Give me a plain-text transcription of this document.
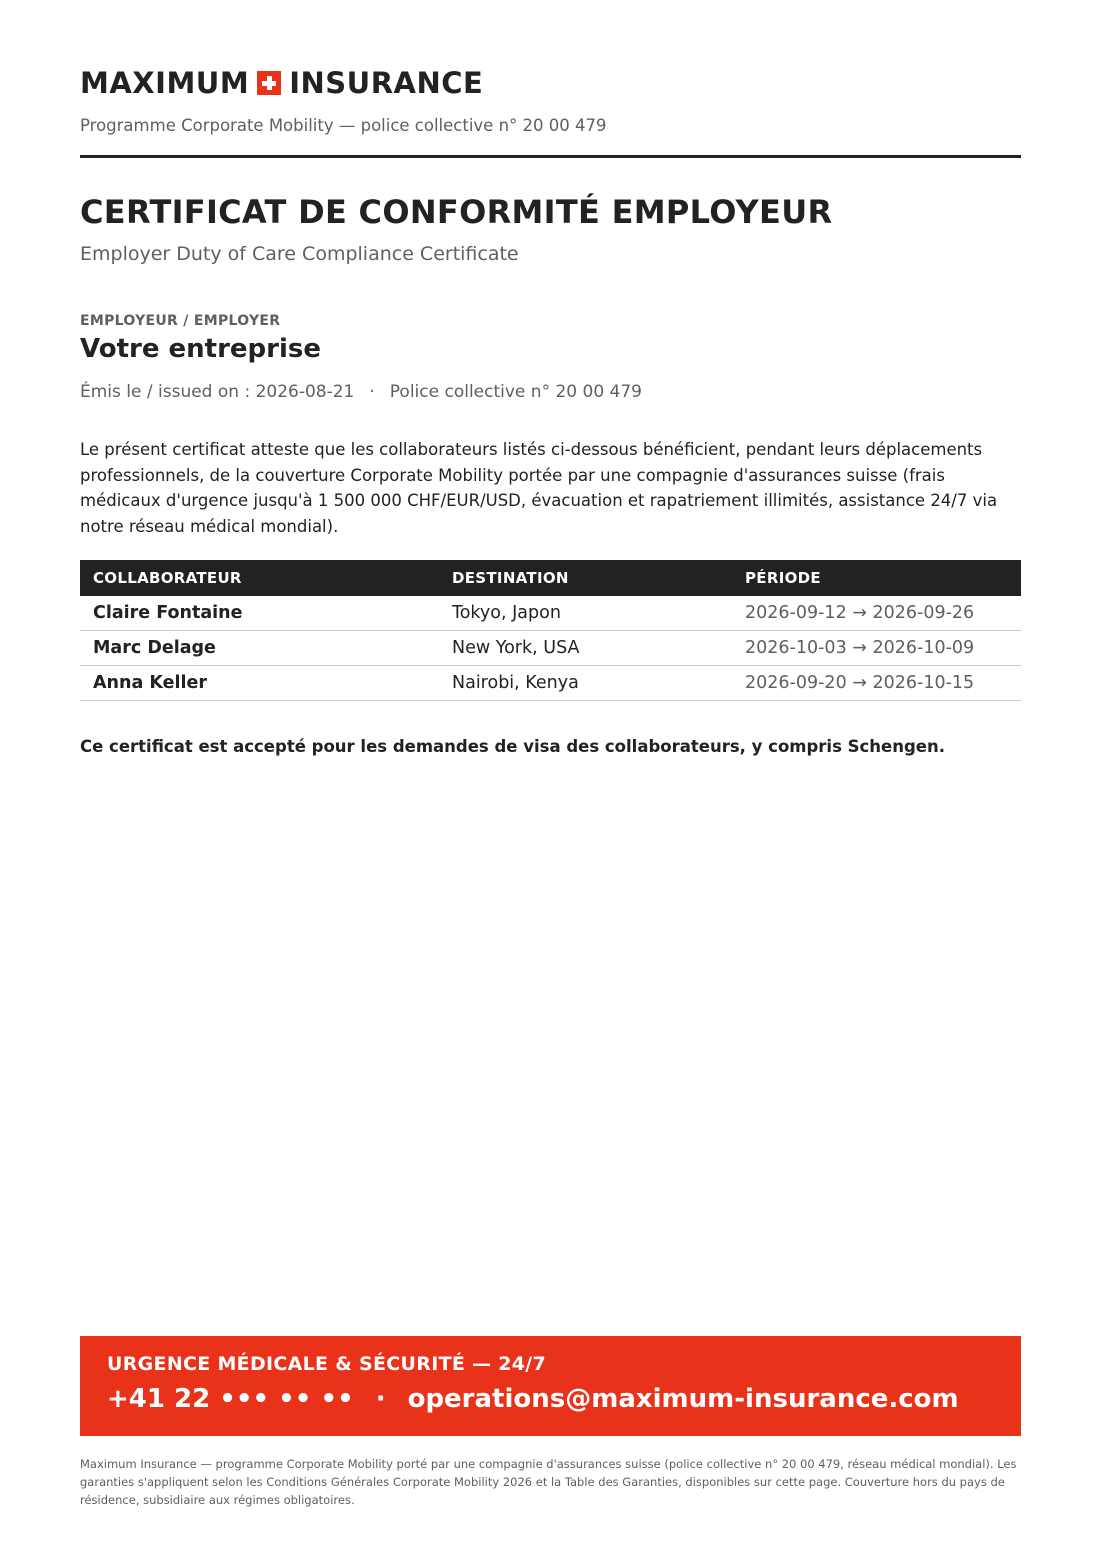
MAXIMUM INSURANCE
Programme Corporate Mobility — police collective n° 20 00 479
CERTIFICAT DE CONFORMITÉ EMPLOYEUR
Employer Duty of Care Compliance Certificate
EMPLOYEUR / EMPLOYER
Votre entreprise
Émis le / issued on : 2026-08-21 · Police collective n° 20 00 479
Le présent certificat atteste que les collaborateurs listés ci-dessous bénéficient, pendant leurs déplacements professionnels, de la couverture Corporate Mobility portée par une compagnie d'assurances suisse (frais médicaux d'urgence jusqu'à 1 500 000 CHF/EUR/USD, évacuation et rapatriement illimités, assistance 24/7 via notre réseau médical mondial).
COLLABORATEUR	DESTINATION	PÉRIODE
Claire Fontaine	Tokyo, Japon	2026-09-12 → 2026-09-26
Marc Delage	New York, USA	2026-10-03 → 2026-10-09
Anna Keller	Nairobi, Kenya	2026-09-20 → 2026-10-15
Ce certificat est accepté pour les demandes de visa des collaborateurs, y compris Schengen.
URGENCE MÉDICALE & SÉCURITÉ — 24/7
+41 22 ••• •• •• · operations@maximum-insurance.com
Maximum Insurance — programme Corporate Mobility porté par une compagnie d'assurances suisse (police collective n° 20 00 479, réseau médical mondial). Les garanties s'appliquent selon les Conditions Générales Corporate Mobility 2026 et la Table des Garanties, disponibles sur cette page. Couverture hors du pays de résidence, subsidiaire aux régimes obligatoires.
